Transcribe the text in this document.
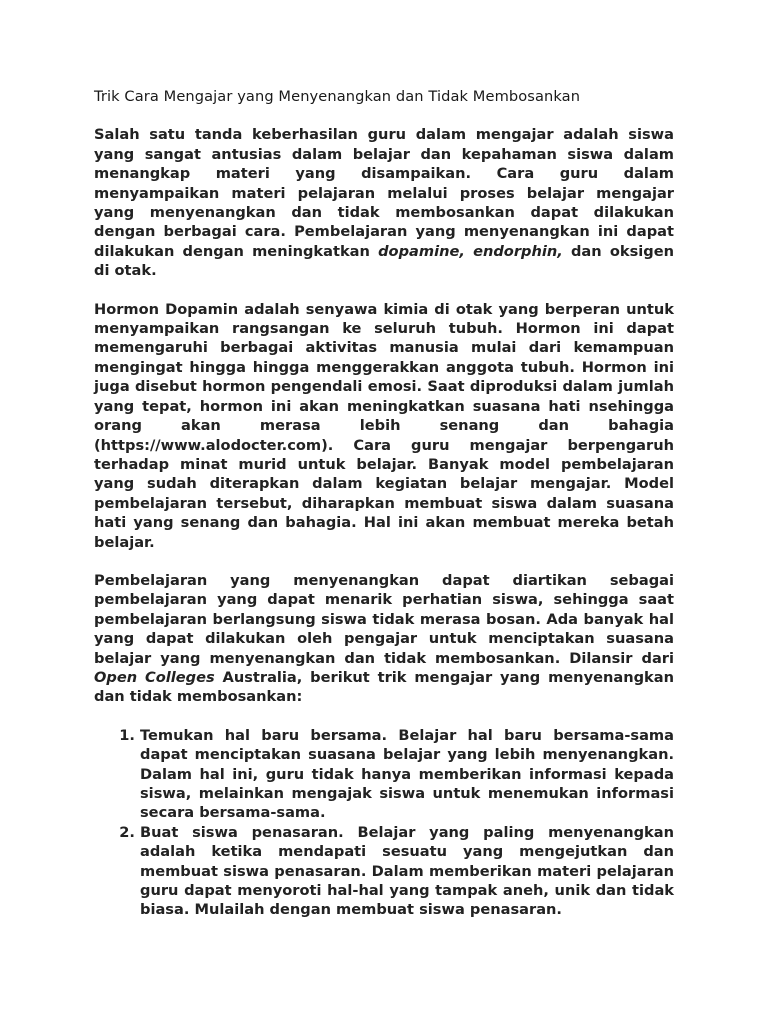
Trik Cara Mengajar yang Menyenangkan dan Tidak Membosankan

Salah satu tanda keberhasilan guru dalam mengajar adalah siswa yang sangat antusias dalam belajar dan kepahaman siswa dalam menangkap materi yang disampaikan. Cara guru dalam menyampaikan materi pelajaran melalui proses belajar mengajar yang menyenangkan dan tidak membosankan dapat dilakukan dengan berbagai cara. Pembelajaran yang menyenangkan ini dapat dilakukan dengan meningkatkan dopamine, endorphin, dan oksigen di otak.

Hormon Dopamin adalah senyawa kimia di otak yang berperan untuk menyampaikan rangsangan ke seluruh tubuh. Hormon ini dapat memengaruhi berbagai aktivitas manusia mulai dari kemampuan mengingat hingga hingga menggerakkan anggota tubuh. Hormon ini juga disebut hormon pengendali emosi. Saat diproduksi dalam jumlah yang tepat, hormon ini akan meningkatkan suasana hati nsehingga orang akan merasa lebih senang dan bahagia (https://www.alodocter.com). Cara guru mengajar berpengaruh terhadap minat murid untuk belajar. Banyak model pembelajaran yang sudah diterapkan dalam kegiatan belajar mengajar. Model pembelajaran tersebut, diharapkan membuat siswa dalam suasana hati yang senang dan bahagia. Hal ini akan membuat mereka betah belajar.

Pembelajaran yang menyenangkan dapat diartikan sebagai pembelajaran yang dapat menarik perhatian siswa, sehingga saat pembelajaran berlangsung siswa tidak merasa bosan. Ada banyak hal yang dapat dilakukan oleh pengajar untuk menciptakan suasana belajar yang menyenangkan dan tidak membosankan. Dilansir dari Open Colleges Australia, berikut trik mengajar yang menyenangkan dan tidak membosankan:

1. Temukan hal baru bersama. Belajar hal baru bersama-sama dapat menciptakan suasana belajar yang lebih menyenangkan. Dalam hal ini, guru tidak hanya memberikan informasi kepada siswa, melainkan mengajak siswa untuk menemukan informasi secara bersama-sama.
2. Buat siswa penasaran. Belajar yang paling menyenangkan adalah ketika mendapati sesuatu yang mengejutkan dan membuat siswa penasaran. Dalam memberikan materi pelajaran guru dapat menyoroti hal-hal yang tampak aneh, unik dan tidak biasa. Mulailah dengan membuat siswa penasaran.
